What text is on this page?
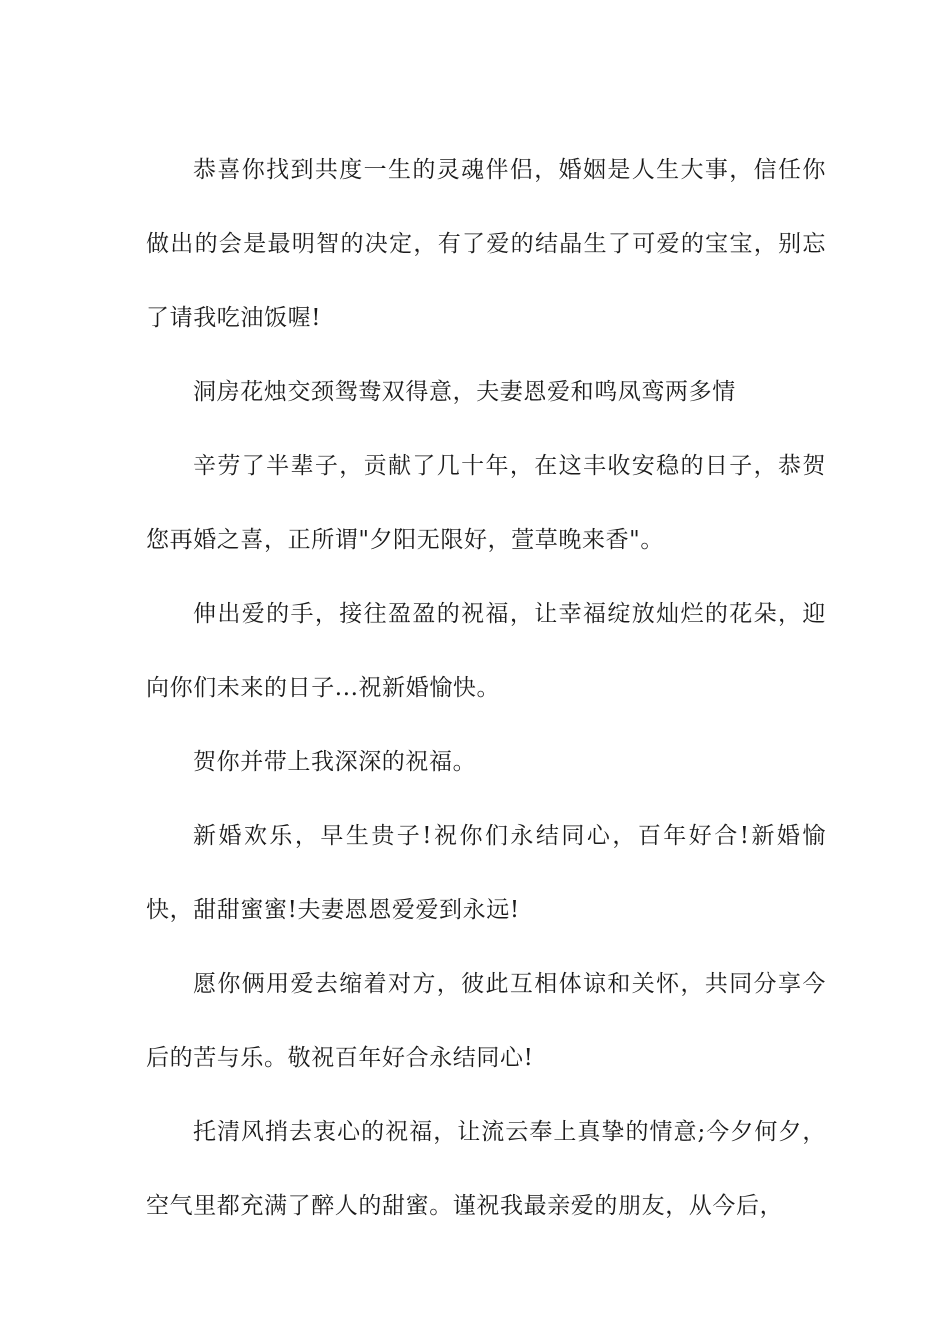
恭喜你找到共度一生的灵魂伴侣，婚姻是人生大事，信任你做出的会是最明智的决定，有了爱的结晶生了可爱的宝宝，别忘了请我吃油饭喔!

洞房花烛交颈鸳鸯双得意，夫妻恩爱和鸣凤鸾两多情

辛劳了半辈子，贡献了几十年，在这丰收安稳的日子，恭贺您再婚之喜，正所谓"夕阳无限好，萱草晚来香"。

伸出爱的手，接往盈盈的祝福，让幸福绽放灿烂的花朵，迎向你们未来的日子...祝新婚愉快。

贺你并带上我深深的祝福。

新婚欢乐，早生贵子!祝你们永结同心，百年好合!新婚愉快，甜甜蜜蜜!夫妻恩恩爱爱到永远!

愿你俩用爱去缩着对方，彼此互相体谅和关怀，共同分享今后的苦与乐。敬祝百年好合永结同心!

托清风捎去衷心的祝福，让流云奉上真挚的情意;今夕何夕，空气里都充满了醉人的甜蜜。谨祝我最亲爱的朋友，从今后，
